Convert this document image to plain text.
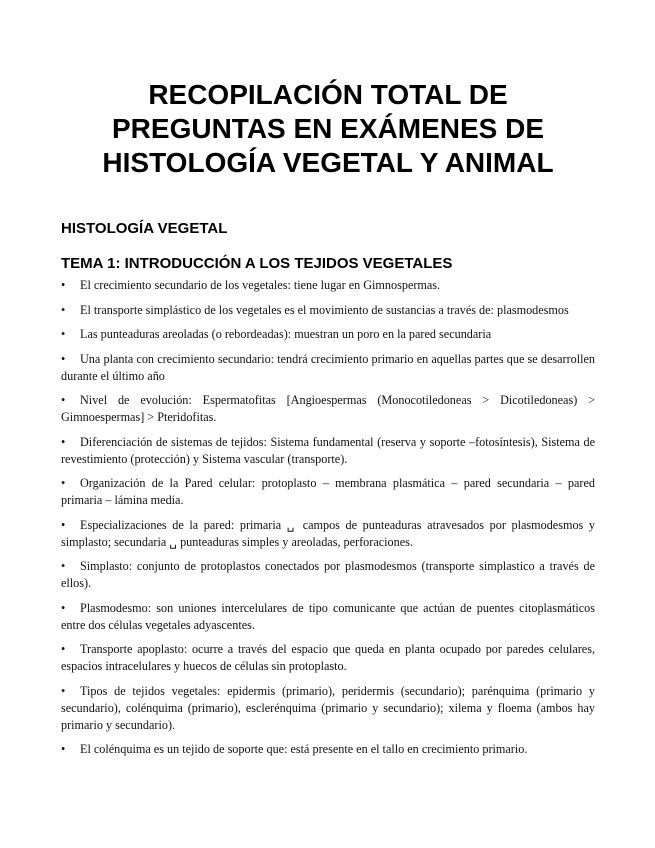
RECOPILACIÓN TOTAL DE
PREGUNTAS EN EXÁMENES DE
HISTOLOGÍA VEGETAL Y ANIMAL
HISTOLOGÍA VEGETAL
TEMA 1: INTRODUCCIÓN A LOS TEJIDOS VEGETALES
• El crecimiento secundario de los vegetales: tiene lugar en Gimnospermas.
• El transporte simplástico de los vegetales es el movimiento de sustancias a través de: plasmodesmos
• Las punteaduras areoladas (o rebordeadas): muestran un poro en la pared secundaria
• Una planta con crecimiento secundario: tendrá crecimiento primario en aquellas partes que se desarrollen durante el último año
• Nivel de evolución: Espermatofitas [Angioespermas (Monocotiledoneas > Dicotiledoneas) > Gimnoespermas] > Pteridofitas.
• Diferenciación de sistemas de tejidos: Sistema fundamental (reserva y soporte –fotosíntesis), Sistema de revestimiento (protección) y Sistema vascular (transporte).
• Organización de la Pared celular: protoplasto – membrana plasmática – pared secundaria – pared primaria – lámina media.
• Especializaciones de la pared: primaria ␣ campos de punteaduras atravesados por plasmodesmos y simplasto; secundaria ␣ punteaduras simples y areoladas, perforaciones.
• Simplasto: conjunto de protoplastos conectados por plasmodesmos (transporte simplastico a través de ellos).
• Plasmodesmo: son uniones intercelulares de tipo comunicante que actúan de puentes citoplasmáticos entre dos células vegetales adyascentes.
• Transporte apoplasto: ocurre a través del espacio que queda en planta ocupado por paredes celulares, espacios intracelulares y huecos de células sin protoplasto.
• Tipos de tejidos vegetales: epidermis (primario), peridermis (secundario); parénquima (primario y secundario), colénquima (primario), esclerénquima (primario y secundario); xilema y floema (ambos hay primario y secundario).
• El colénquima es un tejido de soporte que: está presente en el tallo en crecimiento primario.
